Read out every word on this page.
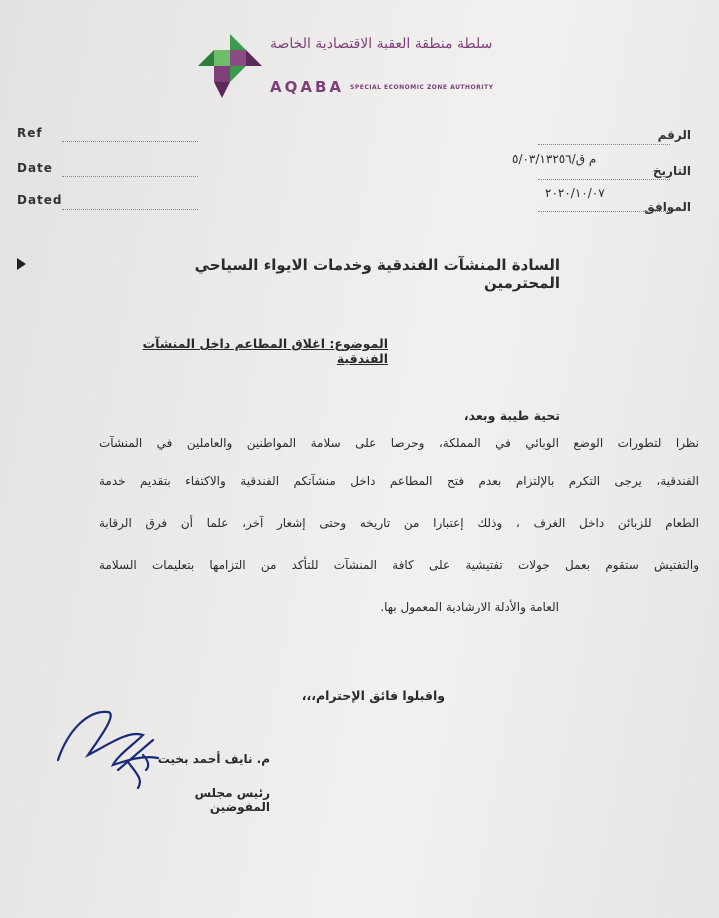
سلطة منطقة العقبة الاقتصادية الخاصة
AQABA SPECIAL ECONOMIC ZONE AUTHORITY
Ref
Date
Dated
الرقم
التاريخ
م ق/٥/٠٣/١٣٢٥٦
الموافق
٢٠٢٠/١٠/٠٧
السادة المنشآت الفندقية وخدمات الايواء السياحي المحترمين
الموضوع: اغلاق المطاعم داخل المنشآت الفندقية
تحية طيبة وبعد،
نظرا لتطورات الوضع الوبائي في المملكة، وحرصا على سلامة المواطنين والعاملين في المنشآت
الفندقية، يرجى التكرم بالإلتزام بعدم فتح المطاعم داخل منشآتكم الفندقية والاكتفاء بتقديم خدمة
الطعام للزبائن داخل الغرف ، وذلك إعتبارا من تاريخه وحتى إشعار آخر، علما أن فرق الرقابة
والتفتيش ستقوم بعمل جولات تفتيشية على كافة المنشآت للتأكد من التزامها بتعليمات السلامة
العامة والأدلة الارشادية المعمول بها.
واقبلوا فائق الإحترام،،،
م. نايف أحمد بخيت
رئيس مجلس المفوضين
